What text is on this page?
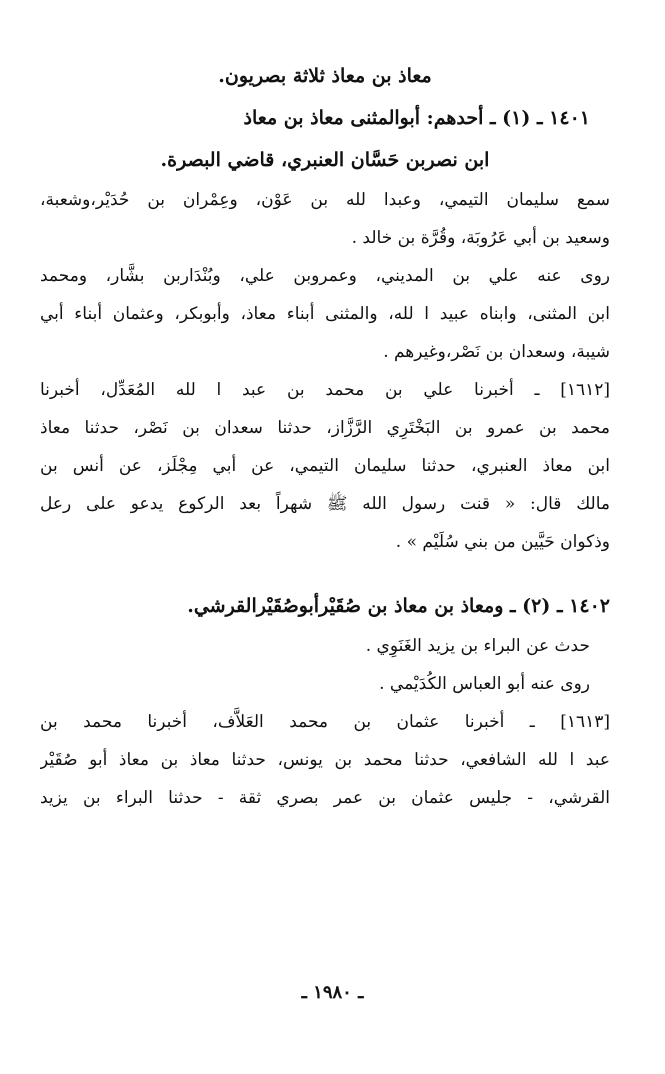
معاذ بن معاذ ثلاثة بصريون.
١٤٠١ ـ (١) ـ أحدهم: أبوالمثنى معاذ بن معاذ
ابن نصربن حَسَّان العنبري، قاضي البصرة.
سمع سليمان التيمي، وعبدا لله بن عَوْن، وعِمْران بن حُدَيْر،وشعبة،
وسعيد بن أبي عَرُوبَة، وقُرَّة بن خالد .
روى عنه علي بن المديني، وعمروبن علي، وبُنْدَاربن بشَّار، ومحمد
ابن المثنى، وابناه عبيد ا لله، والمثنى أبناء معاذ، وأبوبكر، وعثمان أبناء أبي
شيبة، وسعدان بن نَصْر،وغيرهم .
[١٦١٢] ـ أخبرنا علي بن محمد بن عبد ا لله المُعَدِّل، أخبرنا
محمد بن عمرو بن البَخْتَرِي الرَّزَّاز، حدثنا سعدان بن نَصْر، حدثنا معاذ
ابن معاذ العنبري، حدثنا سليمان التيمي، عن أبي مِجْلَز، عن أنس بن
مالك قال: « قنت رسول الله ﷺ شهراً بعد الركوع يدعو على رعل
وذكوان حَيَّين من بني سُلَيْم » .
١٤٠٢ ـ (٢) ـ ومعاذ بن معاذ بن صُقَيْرأبوصُقَيْرالقرشي.
حدث عن البراء بن يزيد الغَنَوِي .
روى عنه أبو العباس الكُدَيْمي .
[١٦١٣] ـ أخبرنا عثمان بن محمد العَلاَّف، أخبرنا محمد بن
عبد ا لله الشافعي، حدثنا محمد بن يونس، حدثنا معاذ بن معاذ أبو صُقَيْر
القرشي، - جليس عثمان بن عمر بصري ثقة - حدثنا البراء بن يزيد
ـ ١٩٨٠ ـ
